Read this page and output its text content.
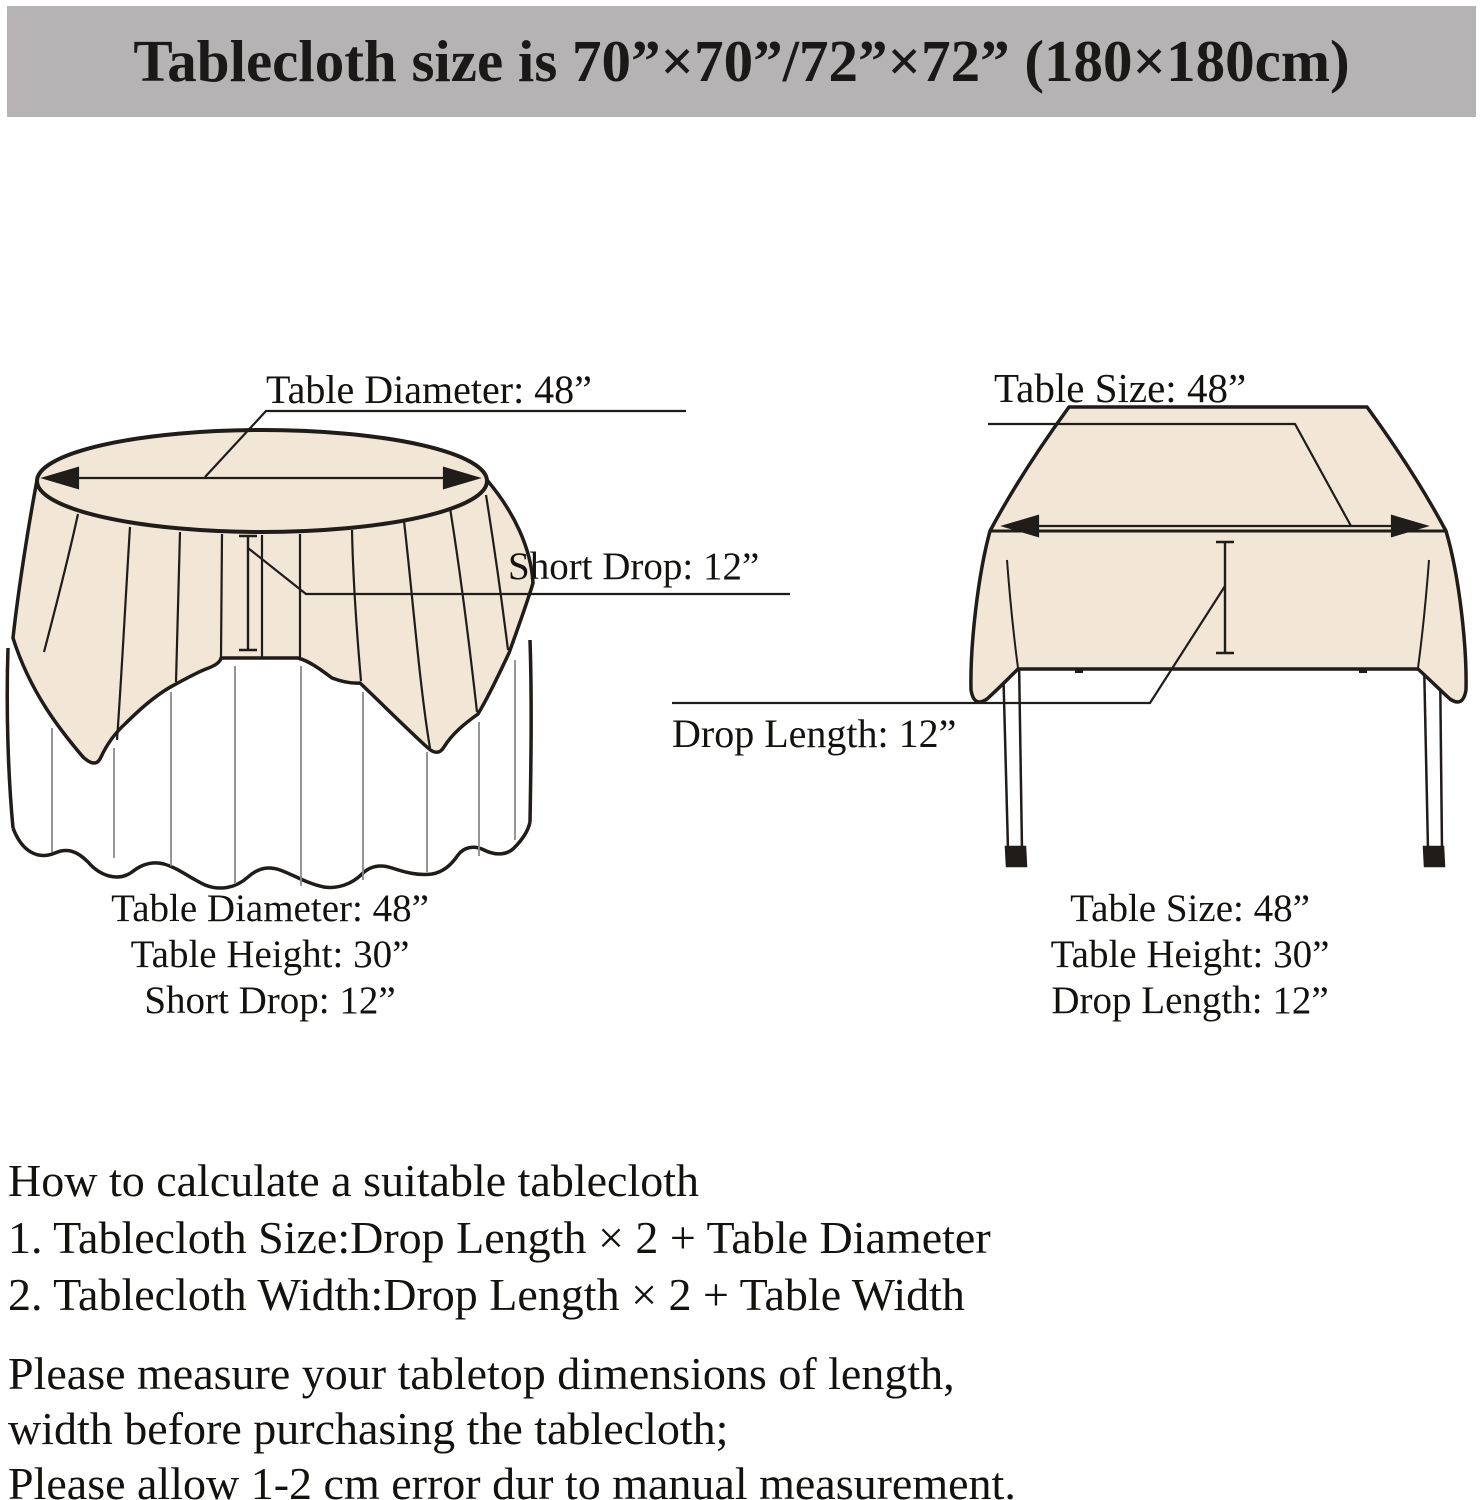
Tablecloth size is 70”×70”/72”×72” (180×180cm)
Table Diameter: 48”
Short Drop: 12”
Table Size: 48”
Drop Length: 12”
Table Diameter: 48”
Table Height: 30”
Short Drop: 12”
Table Size: 48”
Table Height: 30”
Drop Length: 12”
How to calculate a suitable tablecloth
1. Tablecloth Size:Drop Length × 2 + Table Diameter
2. Tablecloth Width:Drop Length × 2 + Table Width
Please measure your tabletop dimensions of length,
width before purchasing the tablecloth;
Please allow 1-2 cm error dur to manual measurement.
